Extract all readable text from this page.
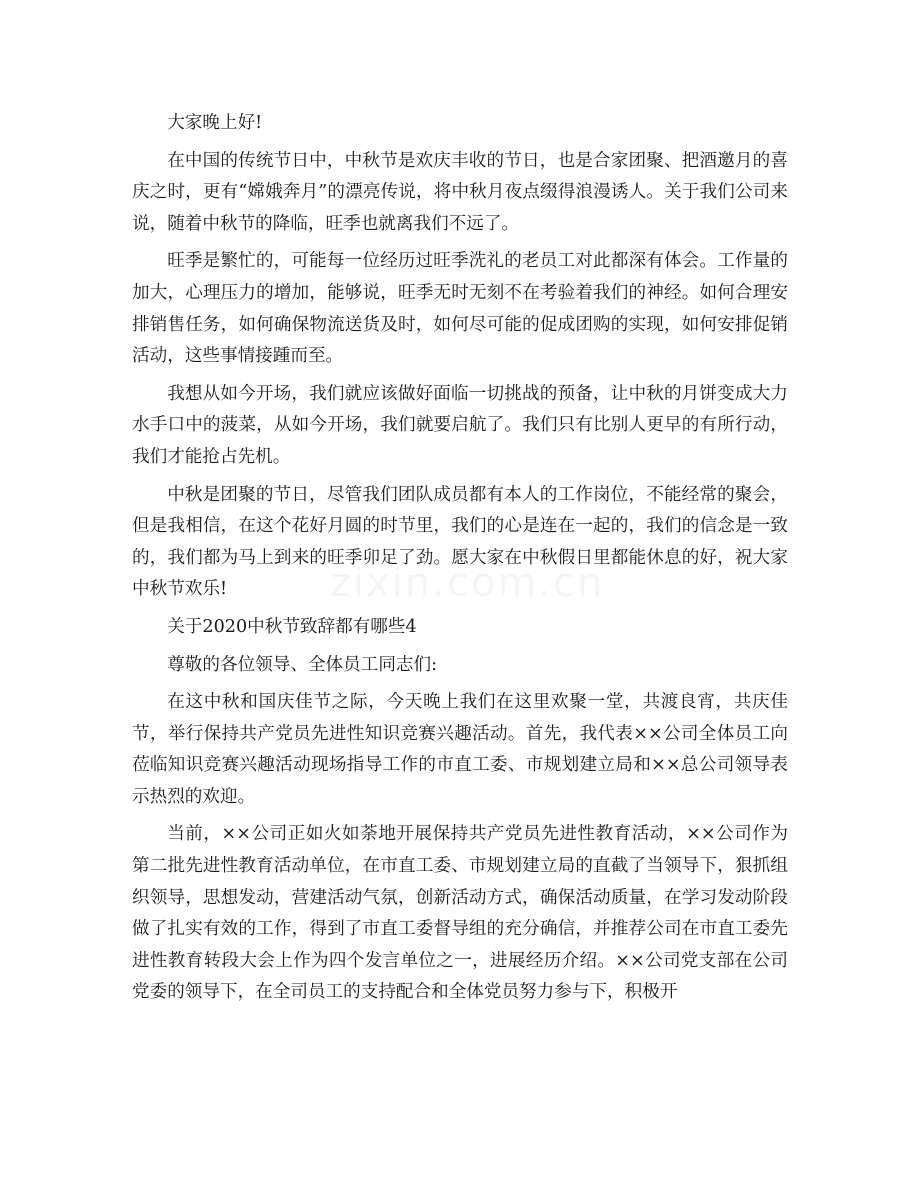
大家晚上好!

在中国的传统节日中，中秋节是欢庆丰收的节日，也是合家团聚、把酒邀月的喜庆之时，更有“嫦娥奔月”的漂亮传说，将中秋月夜点缀得浪漫诱人。关于我们公司来说，随着中秋节的降临，旺季也就离我们不远了。

旺季是繁忙的，可能每一位经历过旺季洗礼的老员工对此都深有体会。工作量的加大，心理压力的增加，能够说，旺季无时无刻不在考验着我们的神经。如何合理安排销售任务，如何确保物流送货及时，如何尽可能的促成团购的实现，如何安排促销活动，这些事情接踵而至。

我想从如今开场，我们就应该做好面临一切挑战的预备，让中秋的月饼变成大力水手口中的菠菜，从如今开场，我们就要启航了。我们只有比别人更早的有所行动，我们才能抢占先机。

中秋是团聚的节日，尽管我们团队成员都有本人的工作岗位，不能经常的聚会，但是我相信，在这个花好月圆的时节里，我们的心是连在一起的，我们的信念是一致的，我们都为马上到来的旺季卯足了劲。愿大家在中秋假日里都能休息的好，祝大家中秋节欢乐!

关于2020中秋节致辞都有哪些4

尊敬的各位领导、全体员工同志们:

在这中秋和国庆佳节之际，今天晚上我们在这里欢聚一堂，共渡良宵，共庆佳节，举行保持共产党员先进性知识竞赛兴趣活动。首先，我代表××公司全体员工向莅临知识竞赛兴趣活动现场指导工作的市直工委、市规划建立局和××总公司领导表示热烈的欢迎。

当前，××公司正如火如荼地开展保持共产党员先进性教育活动，××公司作为第二批先进性教育活动单位，在市直工委、市规划建立局的直截了当领导下，狠抓组织领导，思想发动，营建活动气氛，创新活动方式，确保活动质量，在学习发动阶段做了扎实有效的工作，得到了市直工委督导组的充分确信，并推荐公司在市直工委先进性教育转段大会上作为四个发言单位之一，进展经历介绍。××公司党支部在公司党委的领导下，在全司员工的支持配合和全体党员努力参与下，积极开
